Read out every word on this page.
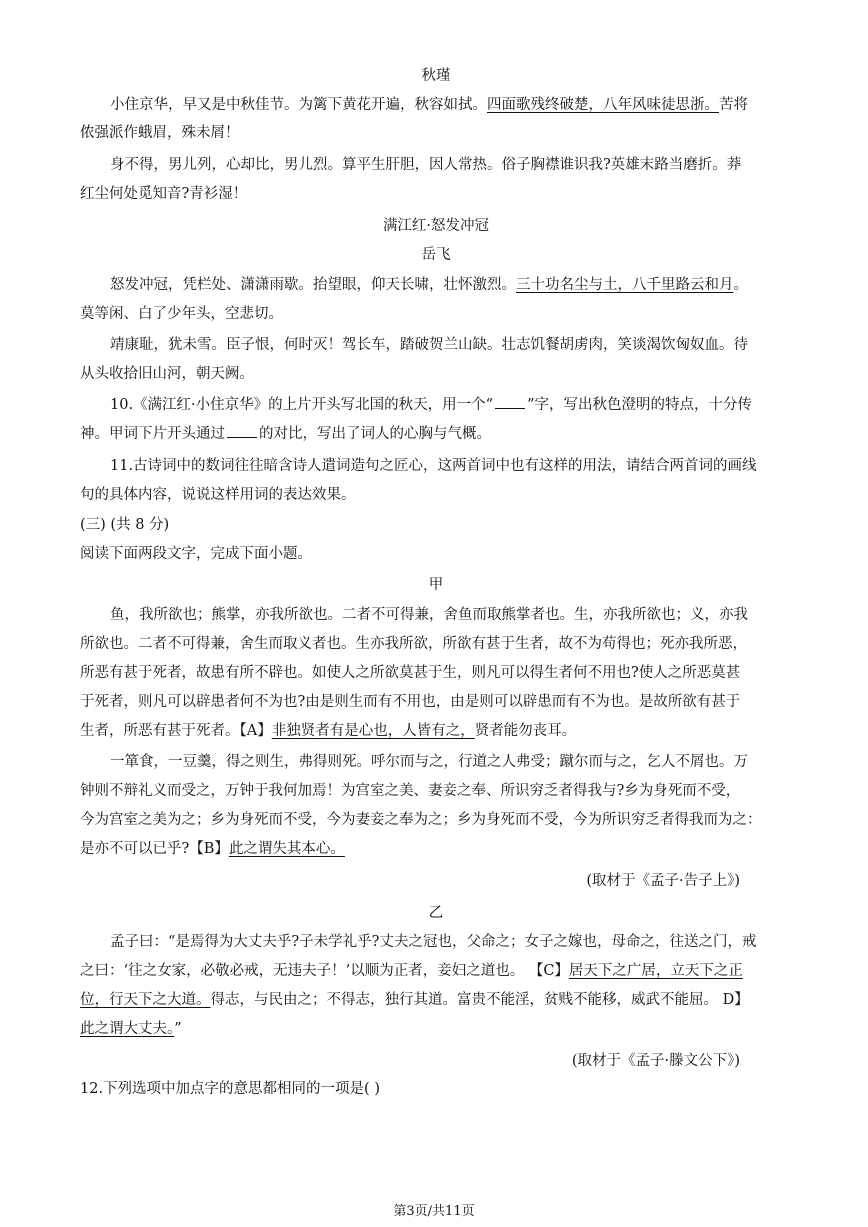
秋瑾
小住京华，早又是中秋佳节。为篱下黄花开遍，秋容如拭。四面歌残终破楚，八年风味徒思浙。苦将
侬强派作蛾眉，殊未屑！
身不得，男儿列，心却比，男儿烈。算平生肝胆，因人常热。俗子胸襟谁识我?英雄末路当磨折。莽
红尘何处觅知音?青衫湿！
满江红·怒发冲冠
岳飞
怒发冲冠，凭栏处、潇潇雨歇。抬望眼，仰天长啸，壮怀激烈。三十功名尘与土，八千里路云和月。
莫等闲、白了少年头，空悲切。
靖康耻，犹未雪。臣子恨，何时灭！驾长车，踏破贺兰山缺。壮志饥餐胡虏肉，笑谈渴饮匈奴血。待
从头收拾旧山河，朝天阙。
10.《满江红·小住京华》的上片开头写北国的秋天，用一个“ ”字，写出秋色澄明的特点，十分传
神。甲词下片开头通过 的对比，写出了词人的心胸与气概。
11.古诗词中的数词往往暗含诗人遣词造句之匠心，这两首词中也有这样的用法，请结合两首词的画线
句的具体内容，说说这样用词的表达效果。
(三) (共 8 分)
阅读下面两段文字，完成下面小题。
甲
鱼，我所欲也；熊掌，亦我所欲也。二者不可得兼，舍鱼而取熊掌者也。生，亦我所欲也；义，亦我
所欲也。二者不可得兼，舍生而取义者也。生亦我所欲，所欲有甚于生者，故不为苟得也；死亦我所恶，
所恶有甚于死者，故患有所不辟也。如使人之所欲莫甚于生，则凡可以得生者何不用也?使人之所恶莫甚
于死者，则凡可以辟患者何不为也?由是则生而有不用也，由是则可以辟患而有不为也。是故所欲有甚于
生者，所恶有甚于死者。【A】非独贤者有是心也，人皆有之，贤者能勿丧耳。
一箪食，一豆羹，得之则生，弗得则死。呼尔而与之，行道之人弗受；蹴尔而与之，乞人不屑也。万
钟则不辩礼义而受之，万钟于我何加焉！为宫室之美、妻妾之奉、所识穷乏者得我与?乡为身死而不受，
今为宫室之美为之；乡为身死而不受，今为妻妾之奉为之；乡为身死而不受，今为所识穷乏者得我而为之：
是亦不可以已乎?【B】此之谓失其本心。
(取材于《孟子·告子上》)
乙
孟子曰：“是焉得为大丈夫乎?子未学礼乎?丈夫之冠也，父命之；女子之嫁也，母命之，往送之门，戒
之曰：‘往之女家，必敬必戒，无违夫子！’以顺为正者，妾妇之道也。 【C】居天下之广居，立天下之正
位，行天下之大道。得志，与民由之；不得志，独行其道。富贵不能淫，贫贱不能移，威武不能屈。 D】
此之谓大丈夫。”
(取材于《孟子·滕文公下》)
12.下列选项中加点字的意思都相同的一项是( )
第3页/共11页
